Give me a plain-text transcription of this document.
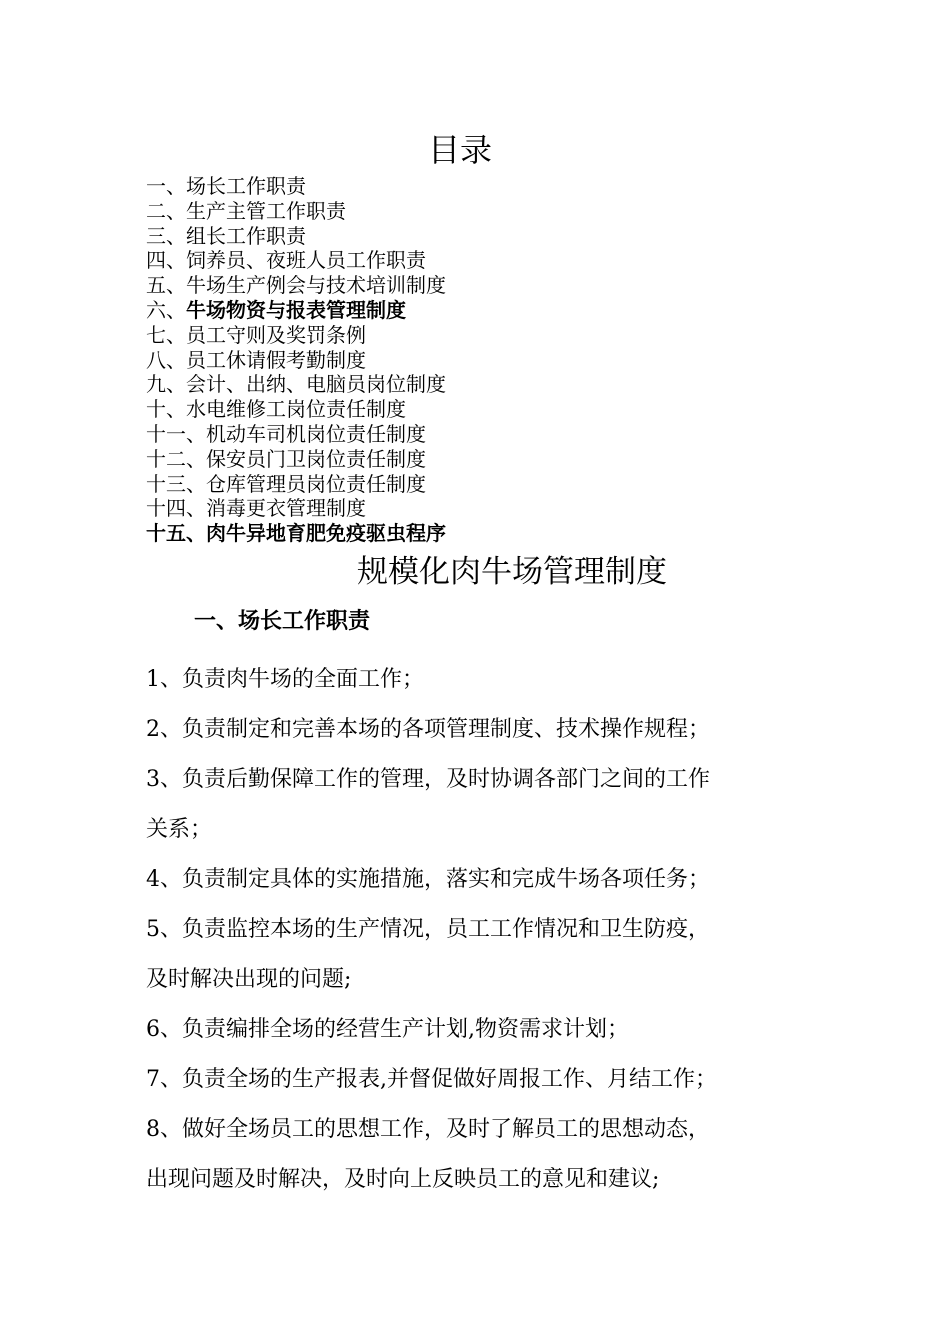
目录
一、场长工作职责
二、生产主管工作职责
三、组长工作职责
四、饲养员、夜班人员工作职责
五、牛场生产例会与技术培训制度
六、牛场物资与报表管理制度
七、员工守则及奖罚条例
八、员工休请假考勤制度
九、会计、出纳、电脑员岗位制度
十、水电维修工岗位责任制度
十一、机动车司机岗位责任制度
十二、保安员门卫岗位责任制度
十三、仓库管理员岗位责任制度
十四、消毒更衣管理制度
十五、肉牛异地育肥免疫驱虫程序
规模化肉牛场管理制度
一、场长工作职责
1、负责肉牛场的全面工作；
2、负责制定和完善本场的各项管理制度、技术操作规程；
3、负责后勤保障工作的管理，及时协调各部门之间的工作
关系；
4、负责制定具体的实施措施，落实和完成牛场各项任务；
5、负责监控本场的生产情况，员工工作情况和卫生防疫，
及时解决出现的问题;
6、负责编排全场的经营生产计划,物资需求计划；
7、负责全场的生产报表,并督促做好周报工作、月结工作；
8、做好全场员工的思想工作，及时了解员工的思想动态，
出现问题及时解决，及时向上反映员工的意见和建议;
